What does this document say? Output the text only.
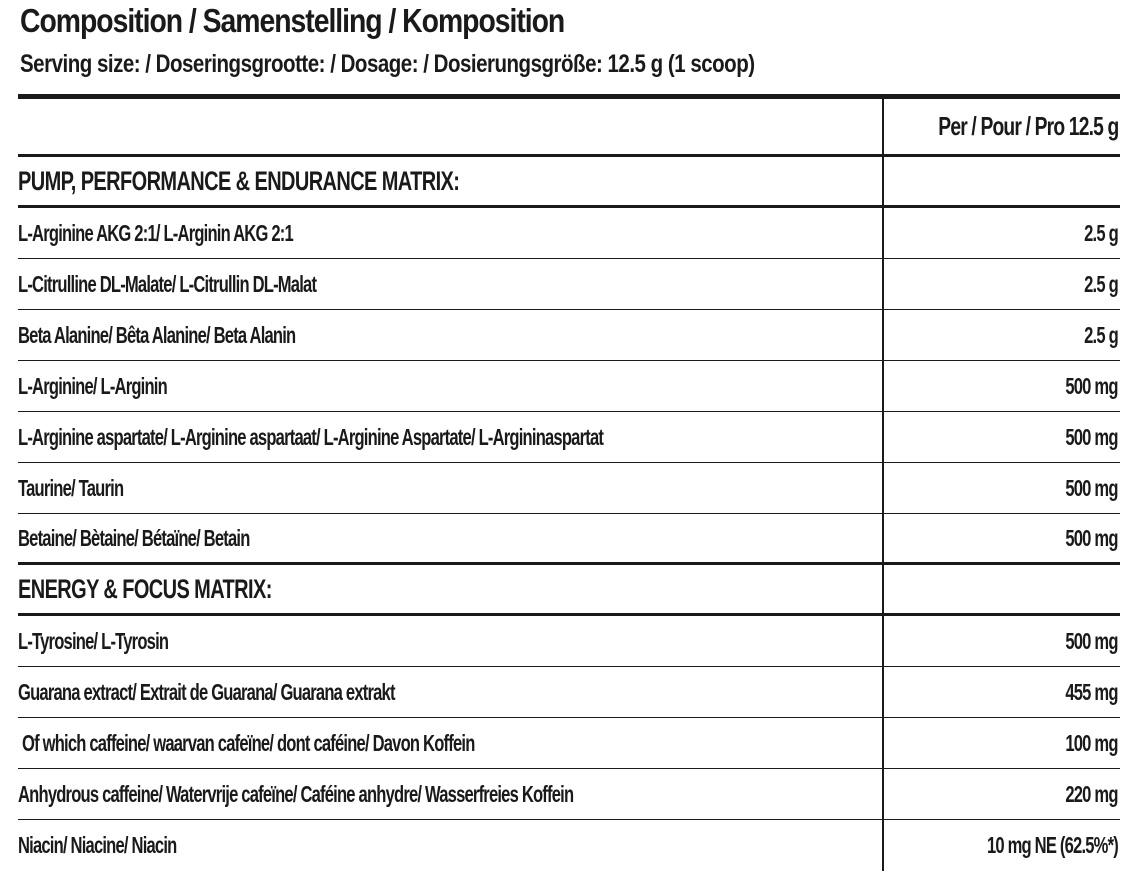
Composition / Samenstelling / Komposition
Serving size: / Doseringsgrootte: / Dosage: / Dosierungsgröße: 12.5 g (1 scoop)
Per / Pour / Pro 12.5 g
PUMP, PERFORMANCE & ENDURANCE MATRIX:
L-Arginine AKG 2:1/ L-Arginin AKG 2:1	2.5 g
L-Citrulline DL-Malate/ L-Citrullin DL-Malat	2.5 g
Beta Alanine/ Bêta Alanine/ Beta Alanin	2.5 g
L-Arginine/ L-Arginin	500 mg
L-Arginine aspartate/ L-Arginine aspartaat/ L-Arginine Aspartate/ L-Argininaspartat	500 mg
Taurine/ Taurin	500 mg
Betaine/ Bètaine/ Bétaïne/ Betain	500 mg
ENERGY & FOCUS MATRIX:
L-Tyrosine/ L-Tyrosin	500 mg
Guarana extract/ Extrait de Guarana/ Guarana extrakt	455 mg
Of which caffeine/ waarvan cafeïne/ dont caféine/ Davon Koffein	100 mg
Anhydrous caffeine/ Watervrije cafeïne/ Caféine anhydre/ Wasserfreies Koffein	220 mg
Niacin/ Niacine/ Niacin	10 mg NE (62.5%*)
